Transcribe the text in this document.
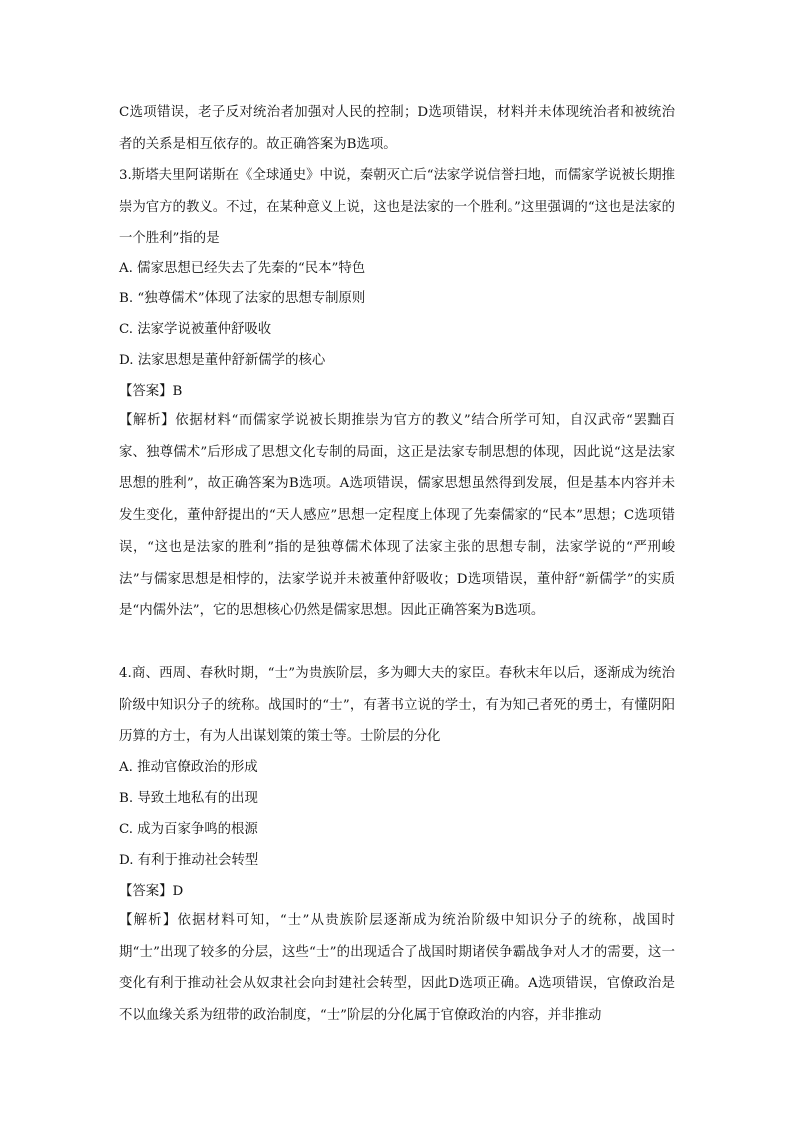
C选项错误，老子反对统治者加强对人民的控制；D选项错误，材料并未体现统治者和被统治者的关系是相互依存的。故正确答案为B选项。
3.斯塔夫里阿诺斯在《全球通史》中说，秦朝灭亡后“法家学说信誉扫地，而儒家学说被长期推崇为官方的教义。不过，在某种意义上说，这也是法家的一个胜利。”这里强调的“这也是法家的一个胜利”指的是
A. 儒家思想已经失去了先秦的“民本”特色
B. “独尊儒术”体现了法家的思想专制原则
C. 法家学说被董仲舒吸收
D. 法家思想是董仲舒新儒学的核心
【答案】B
【解析】依据材料“而儒家学说被长期推崇为官方的教义”结合所学可知，自汉武帝“罢黜百家、独尊儒术”后形成了思想文化专制的局面，这正是法家专制思想的体现，因此说“这是法家思想的胜利”，故正确答案为B选项。A选项错误，儒家思想虽然得到发展，但是基本内容并未发生变化，董仲舒提出的“天人感应”思想一定程度上体现了先秦儒家的“民本”思想；C选项错误，“这也是法家的胜利”指的是独尊儒术体现了法家主张的思想专制，法家学说的“严刑峻法”与儒家思想是相悖的，法家学说并未被董仲舒吸收；D选项错误，董仲舒“新儒学”的实质是“内儒外法”，它的思想核心仍然是儒家思想。因此正确答案为B选项。
4.商、西周、春秋时期，“士”为贵族阶层，多为卿大夫的家臣。春秋末年以后，逐渐成为统治阶级中知识分子的统称。战国时的“士”，有著书立说的学士，有为知己者死的勇士，有懂阴阳历算的方士，有为人出谋划策的策士等。士阶层的分化
A. 推动官僚政治的形成
B. 导致土地私有的出现
C. 成为百家争鸣的根源
D. 有利于推动社会转型
【答案】D
【解析】依据材料可知，“士”从贵族阶层逐渐成为统治阶级中知识分子的统称，战国时期“士”出现了较多的分层，这些“士”的出现适合了战国时期诸侯争霸战争对人才的需要，这一变化有利于推动社会从奴隶社会向封建社会转型，因此D选项正确。A选项错误，官僚政治是不以血缘关系为纽带的政治制度，“士”阶层的分化属于官僚政治的内容，并非推动
